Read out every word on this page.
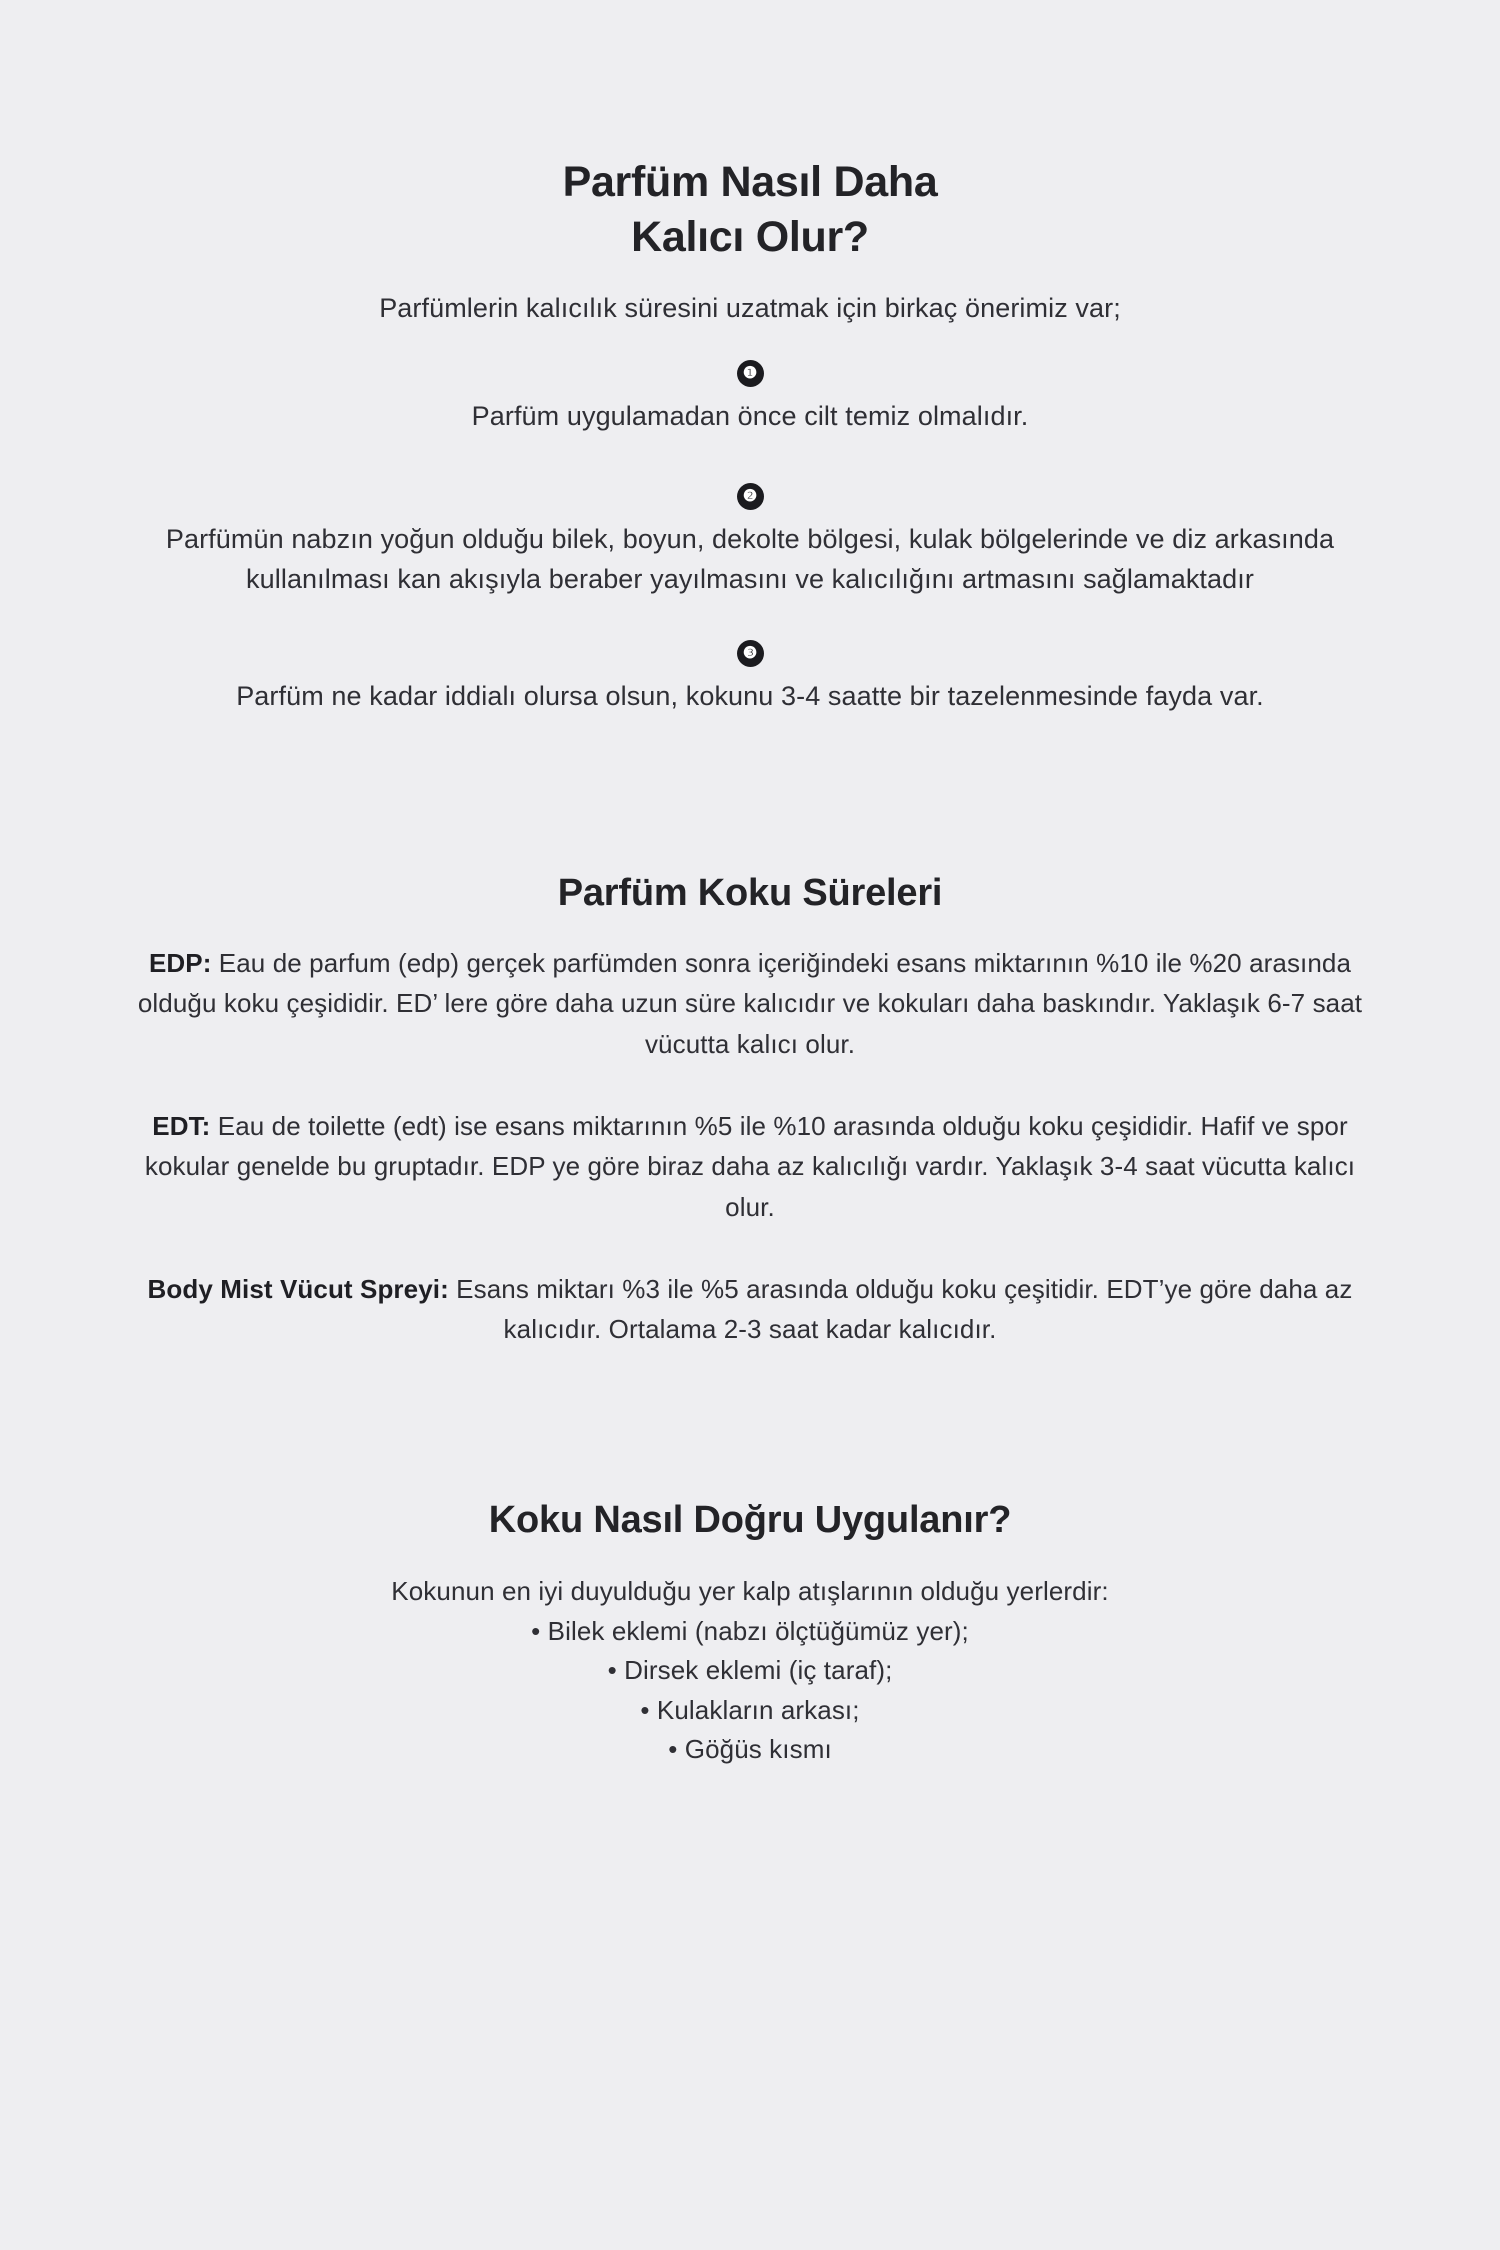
Parfüm Nasıl Daha
Kalıcı Olur?

Parfümlerin kalıcılık süresini uzatmak için birkaç önerimiz var;

❶

Parfüm uygulamadan önce cilt temiz olmalıdır.

❷

Parfümün nabzın yoğun olduğu bilek, boyun, dekolte bölgesi, kulak bölgelerinde ve diz arkasında kullanılması kan akışıyla beraber yayılmasını ve kalıcılığını artmasını sağlamaktadır

❸

Parfüm ne kadar iddialı olursa olsun, kokunu 3-4 saatte bir tazelenmesinde fayda var.

Parfüm Koku Süreleri

EDP: Eau de parfum (edp) gerçek parfümden sonra içeriğindeki esans miktarının %10 ile %20 arasında olduğu koku çeşididir. ED’ lere göre daha uzun süre kalıcıdır ve kokuları daha baskındır. Yaklaşık 6-7 saat vücutta kalıcı olur.

EDT: Eau de toilette (edt) ise esans miktarının %5 ile %10 arasında olduğu koku çeşididir. Hafif ve spor kokular genelde bu gruptadır. EDP ye göre biraz daha az kalıcılığı vardır. Yaklaşık 3-4 saat vücutta kalıcı olur.

Body Mist Vücut Spreyi: Esans miktarı %3 ile %5 arasında olduğu koku çeşitidir. EDT’ye göre daha az kalıcıdır. Ortalama 2-3 saat kadar kalıcıdır.

Koku Nasıl Doğru Uygulanır?

Kokunun en iyi duyulduğu yer kalp atışlarının olduğu yerlerdir:

• Bilek eklemi (nabzı ölçtüğümüz yer);
• Dirsek eklemi (iç taraf);
• Kulakların arkası;
• Göğüs kısmı
